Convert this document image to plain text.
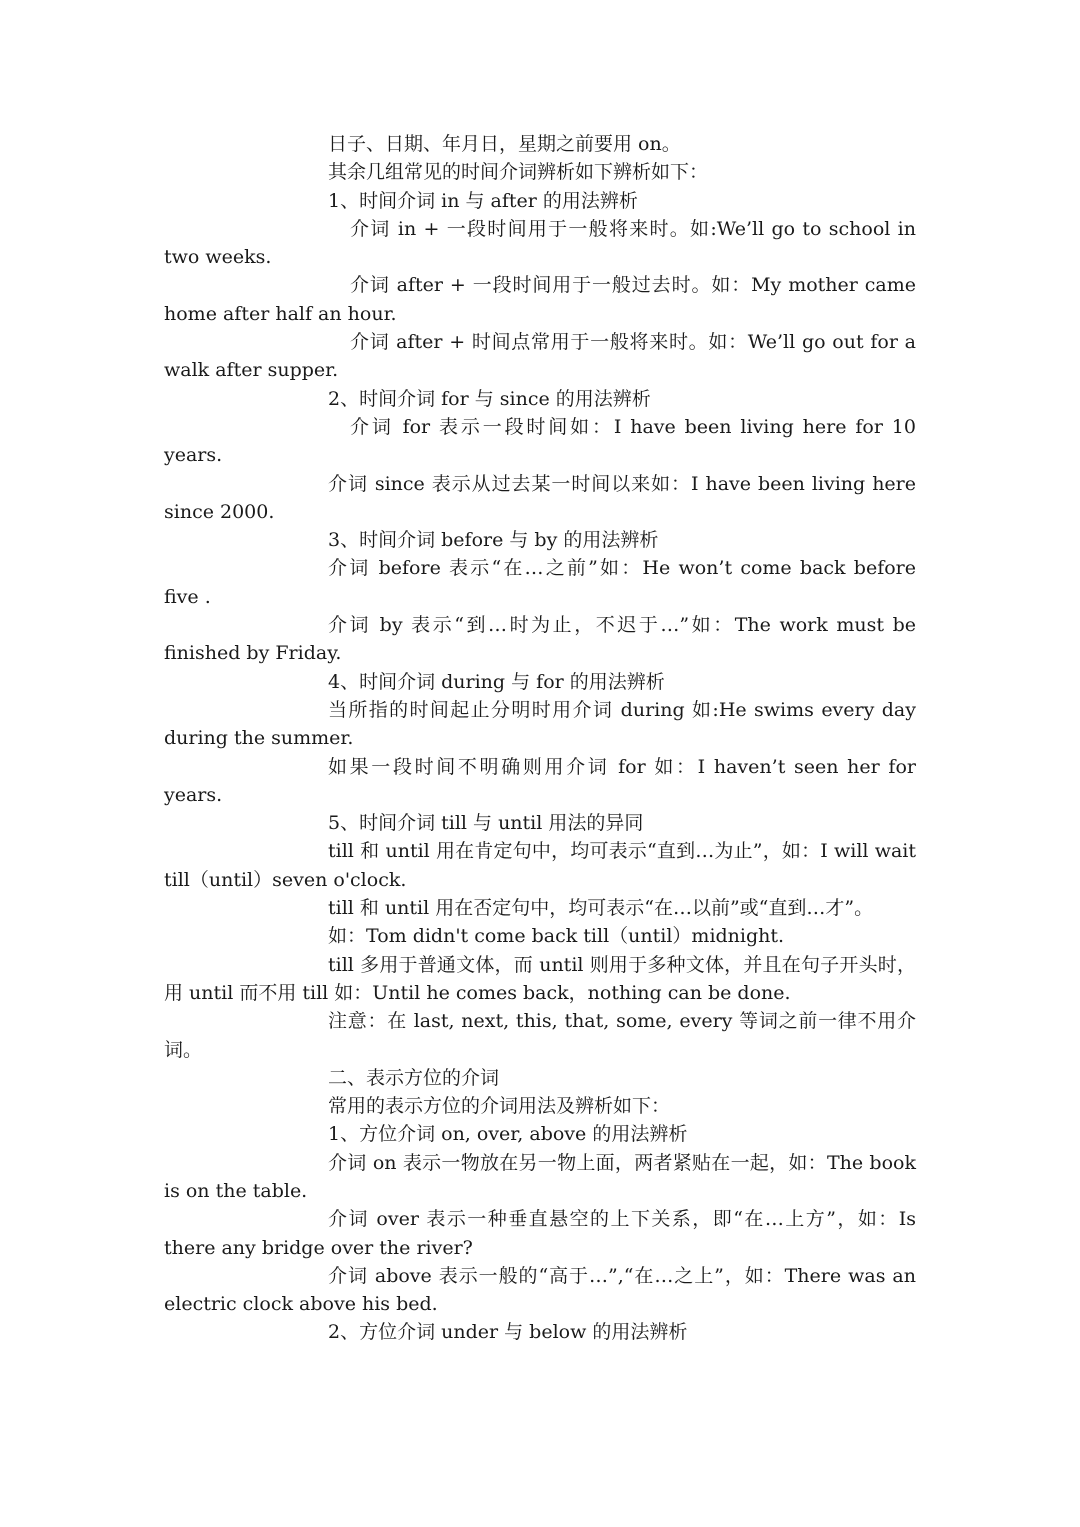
日子、日期、年月日，星期之前要用 on。

其余几组常见的时间介词辨析如下辨析如下：

1、时间介词 in 与 after 的用法辨析

介词 in + 一段时间用于一般将来时。如:We’ll go to school in two weeks.

介词 after + 一段时间用于一般过去时。如：My mother came home after half an hour.

介词 after + 时间点常用于一般将来时。如：We’ll go out for a walk after supper.

2、时间介词 for 与 since 的用法辨析

介词 for 表示一段时间如：I have been living here for 10 years.

介词 since 表示从过去某一时间以来如：I have been living here since 2000.

3、时间介词 before 与 by 的用法辨析

介词 before 表示“在…之前”如：He won’t come back before five .

介词 by 表示“到…时为止，不迟于…”如：The work must be finished by Friday.

4、时间介词 during 与 for 的用法辨析

当所指的时间起止分明时用介词 during 如:He swims every day during the summer.

如果一段时间不明确则用介词 for 如：I haven’t seen her for years.

5、时间介词 till 与 until 用法的异同

till 和 until 用在肯定句中，均可表示“直到…为止”，如：I will wait till（until）seven o'clock.

till 和 until 用在否定句中，均可表示“在…以前”或“直到…才”。

如：Tom didn't come back till（until）midnight.

till 多用于普通文体，而 until 则用于多种文体，并且在句子开头时，用 until 而不用 till 如：Until he comes back，nothing can be done.

注意：在 last, next, this, that, some, every 等词之前一律不用介词。

二、表示方位的介词

常用的表示方位的介词用法及辨析如下：

1、方位介词 on, over, above 的用法辨析

介词 on 表示一物放在另一物上面，两者紧贴在一起，如：The book is on the table.

介词 over 表示一种垂直悬空的上下关系，即“在…上方”，如：Is there any bridge over the river?

介词 above 表示一般的“高于…”,“在…之上”，如：There was an electric clock above his bed.

2、方位介词 under 与 below 的用法辨析
